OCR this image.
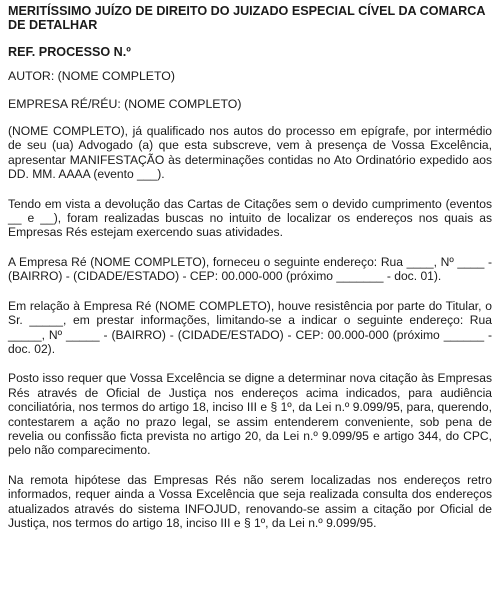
MERITÍSSIMO JUÍZO DE DIREITO DO JUIZADO ESPECIAL CÍVEL DA COMARCA DE DETALHAR
REF. PROCESSO N.º
AUTOR: (NOME COMPLETO)
EMPRESA RÉ/RÉU: (NOME COMPLETO)
(NOME COMPLETO), já qualificado nos autos do processo em epígrafe, por intermédio de seu (ua) Advogado (a) que esta subscreve, vem à presença de Vossa Excelência, apresentar MANIFESTAÇÃO às determinações contidas no Ato Ordinatório expedido aos DD. MM. AAAA (evento ___).
Tendo em vista a devolução das Cartas de Citações sem o devido cumprimento (eventos __ e __), foram realizadas buscas no intuito de localizar os endereços nos quais as Empresas Rés estejam exercendo suas atividades.
A Empresa Ré (NOME COMPLETO), forneceu o seguinte endereço: Rua ____, Nº ____ - (BAIRRO) - (CIDADE/ESTADO) - CEP: 00.000-000 (próximo _______ - doc. 01).
Em relação à Empresa Ré (NOME COMPLETO), houve resistência por parte do Titular, o Sr. _____, em prestar informações, limitando-se a indicar o seguinte endereço: Rua _____, Nº _____ - (BAIRRO) - (CIDADE/ESTADO) - CEP: 00.000-000 (próximo ______ - doc. 02).
Posto isso requer que Vossa Excelência se digne a determinar nova citação às Empresas Rés através de Oficial de Justiça nos endereços acima indicados, para audiência conciliatória, nos termos do artigo 18, inciso III e § 1º, da Lei n.º 9.099/95, para, querendo, contestarem a ação no prazo legal, se assim entenderem conveniente, sob pena de revelia ou confissão ficta prevista no artigo 20, da Lei n.º 9.099/95 e artigo 344, do CPC, pelo não comparecimento.
Na remota hipótese das Empresas Rés não serem localizadas nos endereços retro informados, requer ainda a Vossa Excelência que seja realizada consulta dos endereços atualizados através do sistema INFOJUD, renovando-se assim a citação por Oficial de Justiça, nos termos do artigo 18, inciso III e § 1º, da Lei n.º 9.099/95.
